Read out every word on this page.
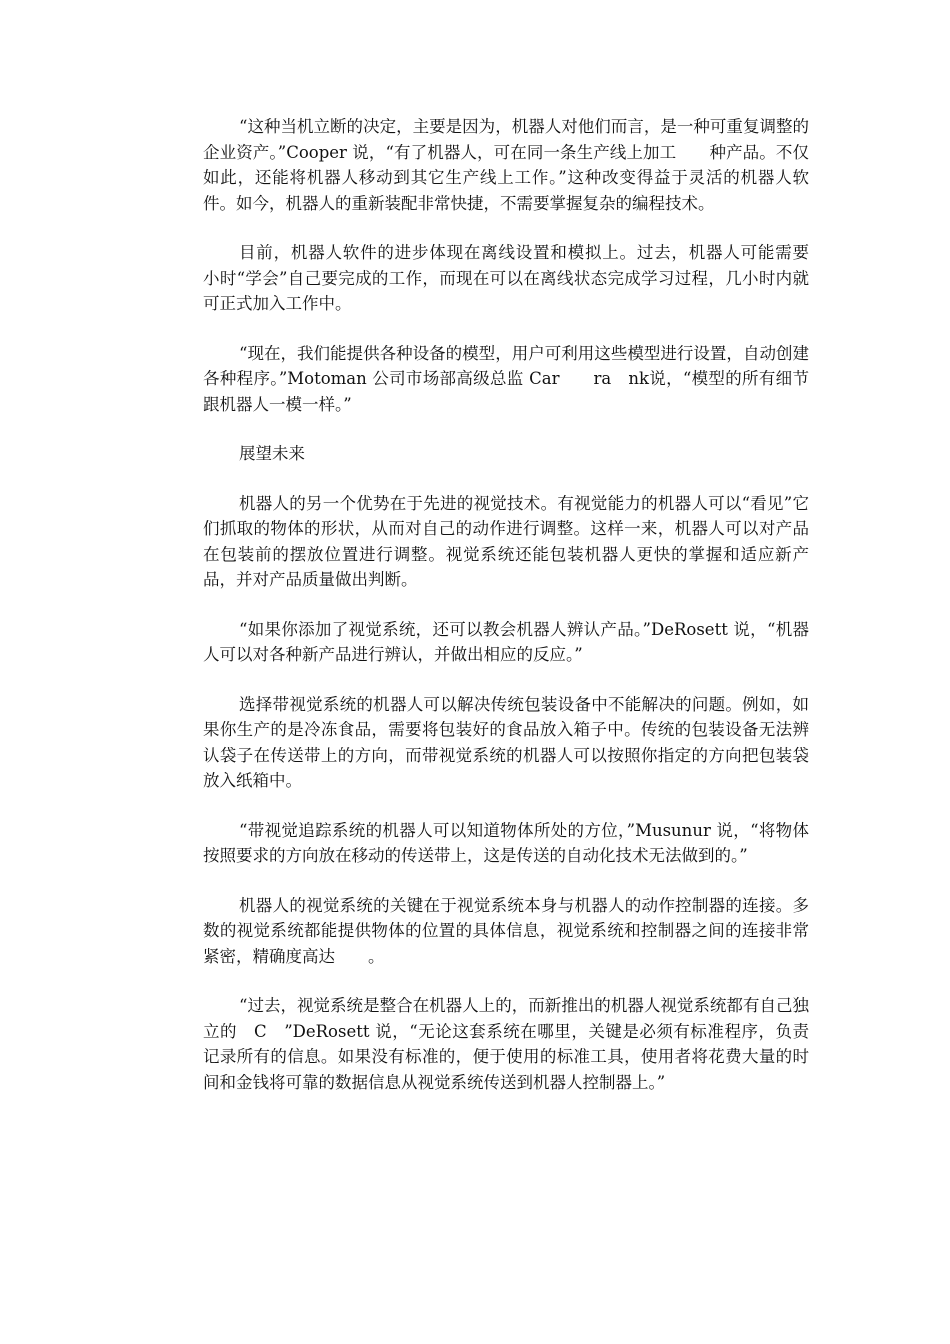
“这种当机立断的决定，主要是因为，机器人对他们而言，是一种可重复调整的企业资产。”Cooper 说，“有了机器人，可在同一条生产线上加工　　种产品。不仅如此，还能将机器人移动到其它生产线上工作。”这种改变得益于灵活的机器人软件。如今，机器人的重新装配非常快捷，不需要掌握复杂的编程技术。

目前，机器人软件的进步体现在离线设置和模拟上。过去，机器人可能需要　　　小时“学会”自己要完成的工作，而现在可以在离线状态完成学习过程，几小时内就可正式加入工作中。

“现在，我们能提供各种设备的模型，用户可利用这些模型进行设置，自动创建各种程序。”Motoman 公司市场部高级总监 Car　　ra　nk说，“模型的所有细节跟机器人一模一样。”

展望未来

机器人的另一个优势在于先进的视觉技术。有视觉能力的机器人可以“看见”它们抓取的物体的形状，从而对自己的动作进行调整。这样一来，机器人可以对产品在包装前的摆放位置进行调整。视觉系统还能包装机器人更快的掌握和适应新产品，并对产品质量做出判断。

“如果你添加了视觉系统，还可以教会机器人辨认产品。”DeRosett 说，“机器人可以对各种新产品进行辨认，并做出相应的反应。”

选择带视觉系统的机器人可以解决传统包装设备中不能解决的问题。例如，如果你生产的是冷冻食品，需要将包装好的食品放入箱子中。传统的包装设备无法辨认袋子在传送带上的方向，而带视觉系统的机器人可以按照你指定的方向把包装袋放入纸箱中。

“带视觉追踪系统的机器人可以知道物体所处的方位，”Musunur 说，“将物体按照要求的方向放在移动的传送带上，这是传送的自动化技术无法做到的。”

机器人的视觉系统的关键在于视觉系统本身与机器人的动作控制器的连接。多数的视觉系统都能提供物体的位置的具体信息，视觉系统和控制器之间的连接非常紧密，精确度高达　　。

“过去，视觉系统是整合在机器人上的，而新推出的机器人视觉系统都有自己独立的　C　”DeRosett 说，“无论这套系统在哪里，关键是必须有标准程序，负责记录所有的信息。如果没有标准的，便于使用的标准工具，使用者将花费大量的时间和金钱将可靠的数据信息从视觉系统传送到机器人控制器上。”
